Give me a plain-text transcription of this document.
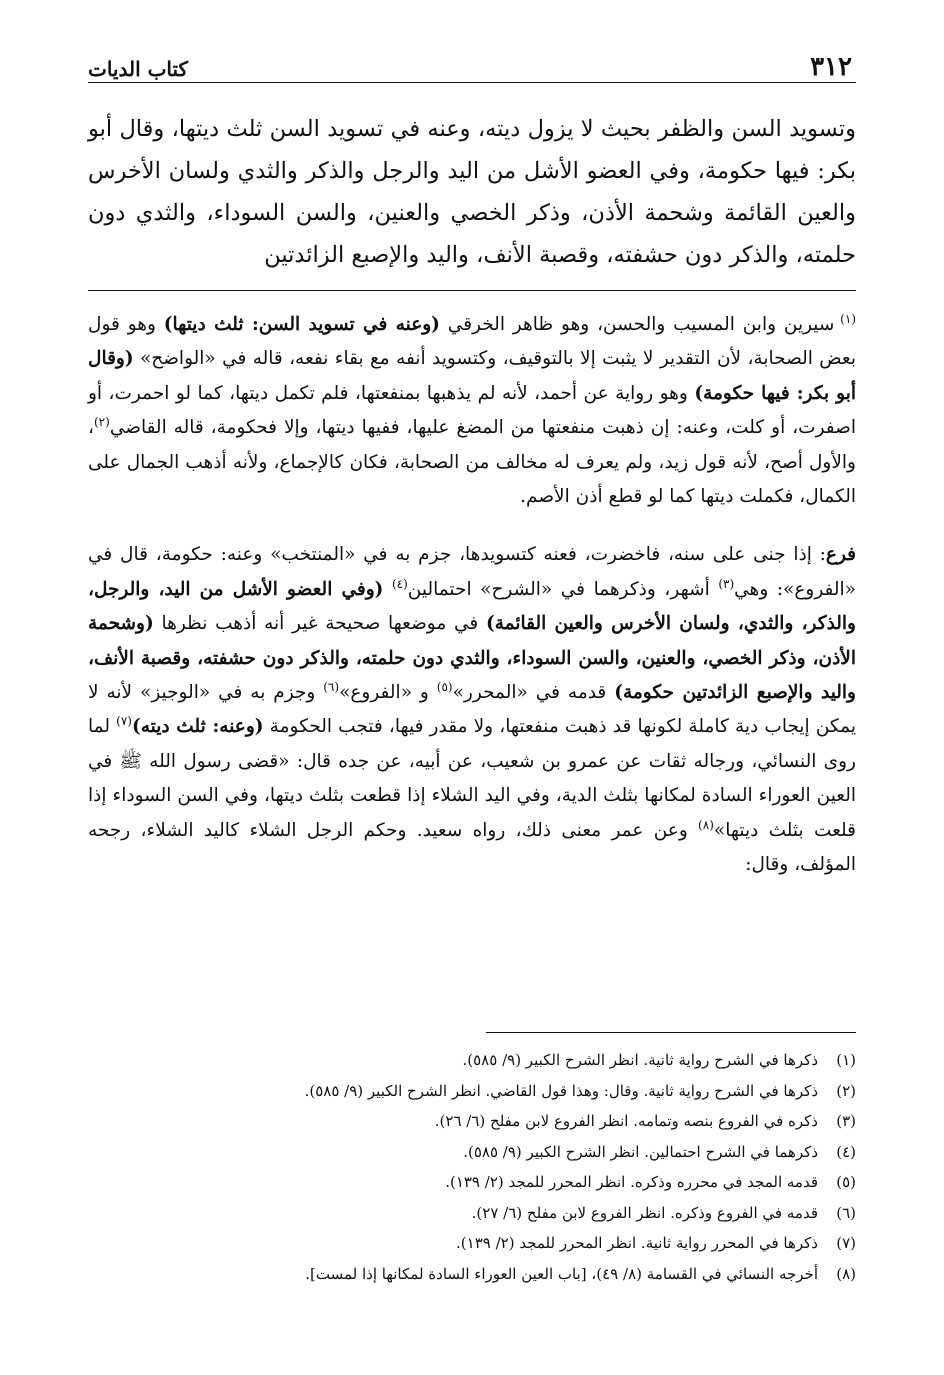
٣١٢
كتاب الديات

وتسويد السن والظفر بحيث لا يزول ديته، وعنه في تسويد السن ثلث ديتها، وقال أبو بكر: فيها حكومة، وفي العضو الأشل من اليد والرجل والذكر والثدي ولسان الأخرس والعين القائمة وشحمة الأذن، وذكر الخصي والعنين، والسن السوداء، والثدي دون حلمته، والذكر دون حشفته، وقصبة الأنف، واليد والإصبع الزائدتين

$^{(١)}$ سيرين وابن المسيب والحسن، وهو ظاهر الخرقي (وعنه في تسويد السن: ثلث ديتها) وهو قول بعض الصحابة، لأن التقدير لا يثبت إلا بالتوقيف، وكتسويد أنفه مع بقاء نفعه، قاله في «الواضح» (وقال أبو بكر: فيها حكومة) وهو رواية عن أحمد، لأنه لم يذهبها بمنفعتها، فلم تكمل ديتها، كما لو احمرت، أو اصفرت، أو كلت، وعنه: إن ذهبت منفعتها من المضغ عليها، ففيها ديتها، وإلا فحكومة، قاله القاضي$^{(٢)}$، والأول أصح، لأنه قول زيد، ولم يعرف له مخالف من الصحابة، فكان كالإجماع، ولأنه أذهب الجمال على الكمال، فكملت ديتها كما لو قطع أذن الأصم.

فرع: إذا جنى على سنه، فاخضرت، فعنه كتسويدها، جزم به في «المنتخب» وعنه: حكومة، قال في «الفروع»: وهي$^{(٣)}$ أشهر، وذكرهما في «الشرح» احتمالين$^{(٤)}$ (وفي العضو الأشل من اليد، والرجل، والذكر، والثدي، ولسان الأخرس والعين القائمة) في موضعها صحيحة غير أنه أذهب نظرها (وشحمة الأذن، وذكر الخصي، والعنين، والسن السوداء، والثدي دون حلمته، والذكر دون حشفته، وقصبة الأنف، واليد والإصبع الزائدتين حكومة) قدمه في «المحرر»$^{(٥)}$ و «الفروع»$^{(٦)}$ وجزم به في «الوجيز» لأنه لا يمكن إيجاب دية كاملة لكونها قد ذهبت منفعتها، ولا مقدر فيها، فتجب الحكومة (وعنه: ثلث ديته)$^{(٧)}$ لما روى النسائي، ورجاله ثقات عن عمرو بن شعيب، عن أبيه، عن جده قال: «قضى رسول الله ﷺ في العين العوراء السادة لمكانها بثلث الدية، وفي اليد الشلاء إذا قطعت بثلث ديتها، وفي السن السوداء إذا قلعت بثلث ديتها»$^{(٨)}$ وعن عمر معنى ذلك، رواه سعيد. وحكم الرجل الشلاء كاليد الشلاء، رجحه المؤلف، وقال:

(١)
ذكرها في الشرح رواية ثانية. انظر الشرح الكبير (٩/ ٥٨٥).
(٢)
ذكرها في الشرح رواية ثانية. وقال: وهذا قول القاضي. انظر الشرح الكبير (٩/ ٥٨٥).
(٣)
ذكره في الفروع بنصه وتمامه. انظر الفروع لابن مفلح (٦/ ٢٦).
(٤)
ذكرهما في الشرح احتمالين. انظر الشرح الكبير (٩/ ٥٨٥).
(٥)
قدمه المجد في محرره وذكره. انظر المحرر للمجد (٢/ ١٣٩).
(٦)
قدمه في الفروع وذكره. انظر الفروع لابن مفلح (٦/ ٢٧).
(٧)
ذكرها في المحرر رواية ثانية. انظر المحرر للمجد (٢/ ١٣٩).
(٨)
أخرجه النسائي في القسامة (٨/ ٤٩)، [باب العين العوراء السادة لمكانها إذا لمست].
